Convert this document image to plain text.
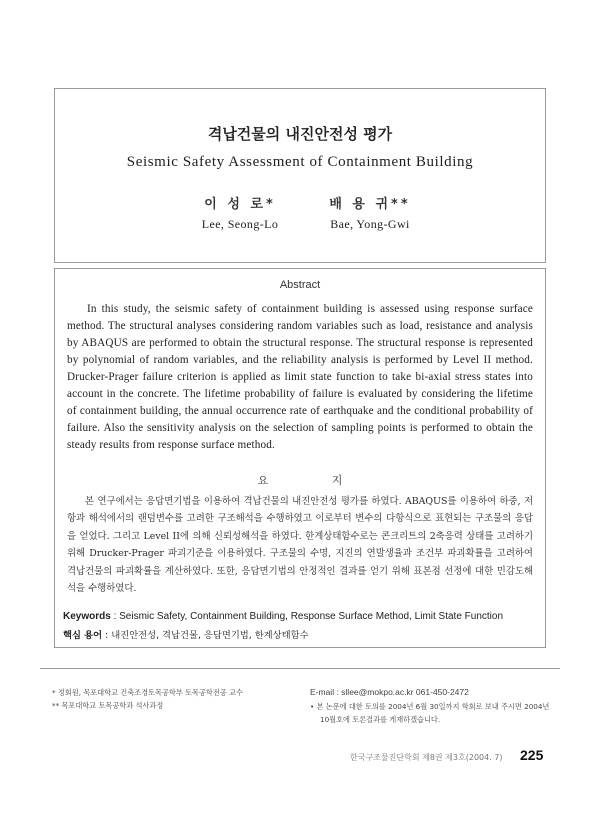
격납건물의 내진안전성 평가
Seismic Safety Assessment of Containment Building
이 성 로*
Lee, Seong-Lo
배 용 귀**
Bae, Yong-Gwi
Abstract

In this study, the seismic safety of containment building is assessed using response surface method. The structural analyses considering random variables such as load, resistance and analysis by ABAQUS are performed to obtain the structural response. The structural response is represented by polynomial of random variables, and the reliability analysis is performed by Level II method. Drucker-Prager failure criterion is applied as limit state function to take bi-axial stress states into account in the concrete. The lifetime probability of failure is evaluated by considering the lifetime of containment building, the annual occurrence rate of earthquake and the conditional probability of failure. Also the sensitivity analysis on the selection of sampling points is performed to obtain the steady results from response surface method.

요 지

본 연구에서는 응답면기법을 이용하여 격납건물의 내진안전성 평가를 하였다. ABAQUS를 이용하여 하중, 저항과 해석에서의 랜덤변수를 고려한 구조해석을 수행하였고 이로부터 변수의 다항식으로 표현되는 구조물의 응답을 얻었다. 그리고 Level II에 의해 신뢰성해석을 하였다. 한계상태함수로는 콘크리트의 2축응력 상태를 고려하기 위해 Drucker-Prager 파괴기준을 이용하였다. 구조물의 수명, 지진의 연발생율과 조건부 파괴확률을 고려하여 격납건물의 파괴확률을 계산하였다. 또한, 응답면기법의 안정적인 결과를 얻기 위해 표본점 선정에 대한 민감도해석을 수행하였다.

Keywords : Seismic Safety, Containment Building, Response Surface Method, Limit State Function
핵심 용어 : 내진안전성, 격납건물, 응답면기법, 한계상태함수
* 정회원, 목포대학교 건축조경토목공학부 토목공학전공 교수
** 목포대학교 토목공학과 석사과정
E-mail : sllee@mokpo.ac.kr 061-450-2472
• 본 논문에 대한 토의를 2004년 6월 30일까지 학회로 보내 주시면 2004년 10월호에 토론결과를 게재하겠습니다.
한국구조물진단학회 제8권 제3호(2004. 7) 225
